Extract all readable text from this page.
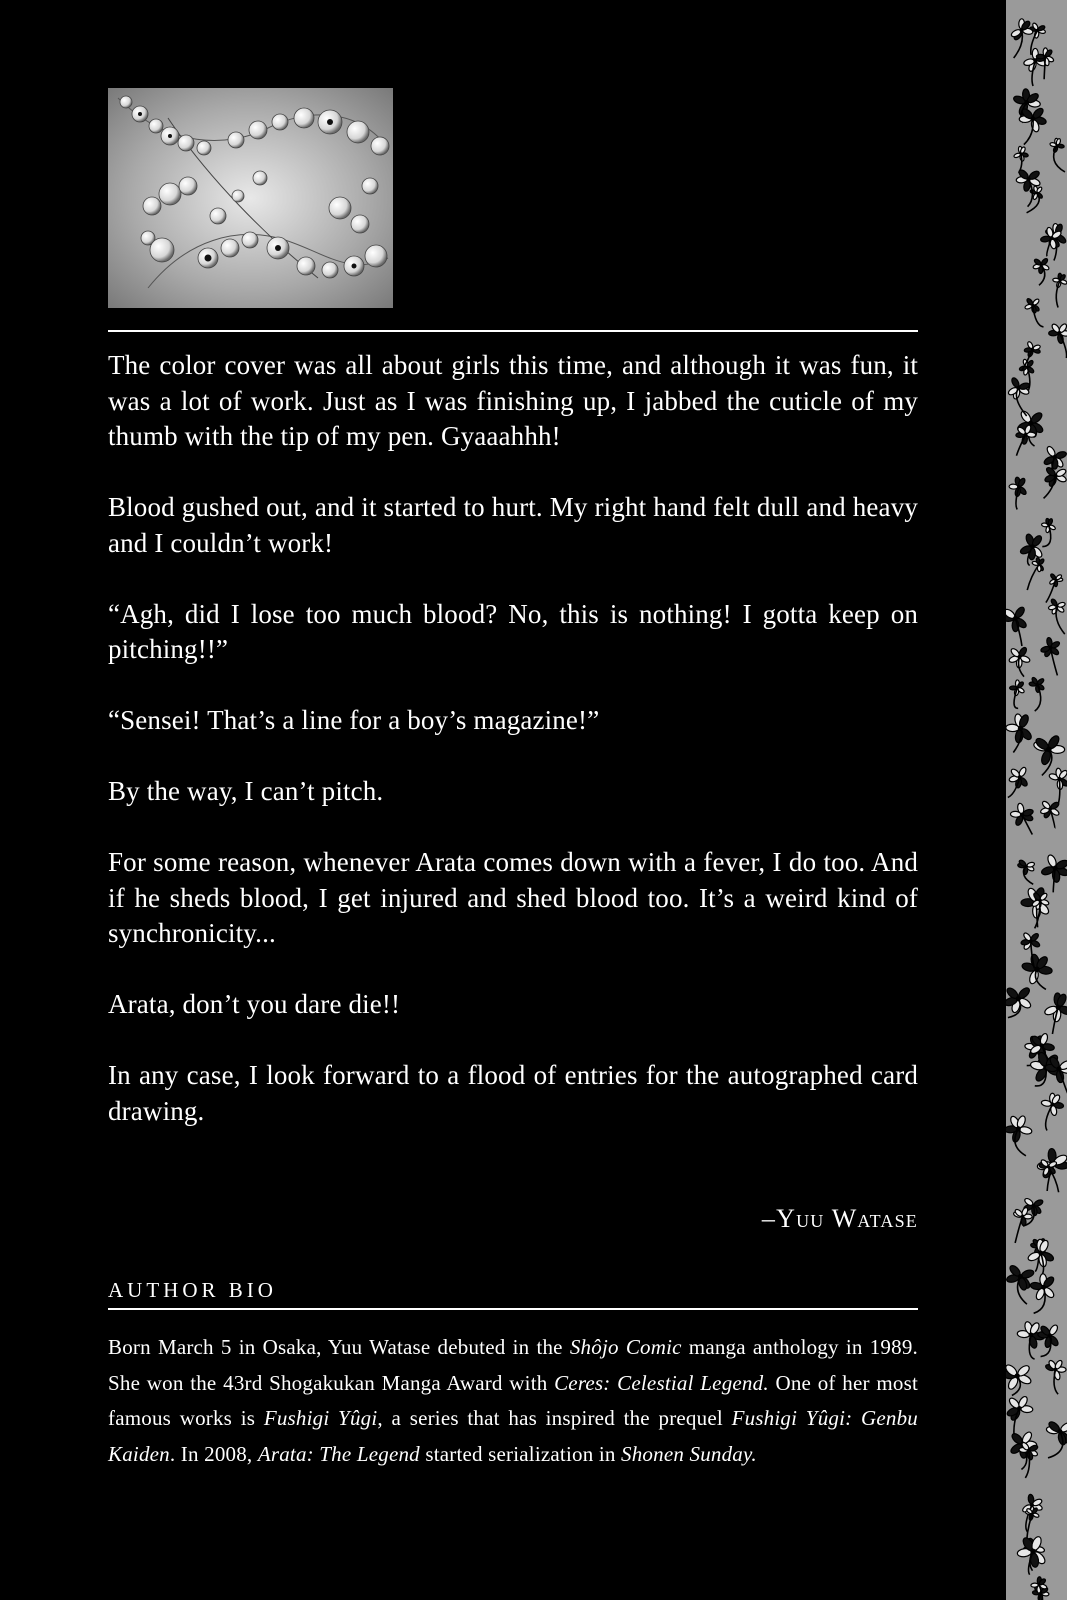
The color cover was all about girls this time, and although it was fun, it was a lot of work. Just as I was finishing up, I jabbed the cuticle of my thumb with the tip of my pen. Gyaaahhh!

Blood gushed out, and it started to hurt. My right hand felt dull and heavy and I couldn’t work!

“Agh, did I lose too much blood? No, this is nothing! I gotta keep on pitching!!”

“Sensei! That’s a line for a boy’s magazine!”

By the way, I can’t pitch.

For some reason, whenever Arata comes down with a fever, I do too. And if he sheds blood, I get injured and shed blood too. It’s a weird kind of synchronicity...

Arata, don’t you dare die!!

In any case, I look forward to a flood of entries for the autographed card drawing.

–Yuu Watase
AUTHOR BIO
Born March 5 in Osaka, Yuu Watase debuted in the Shôjo Comic manga anthology in 1989. She won the 43rd Shogakukan Manga Award with Ceres: Celestial Legend. One of her most famous works is Fushigi Yûgi, a series that has inspired the prequel Fushigi Yûgi: Genbu Kaiden. In 2008, Arata: The Legend started serialization in Shonen Sunday.
